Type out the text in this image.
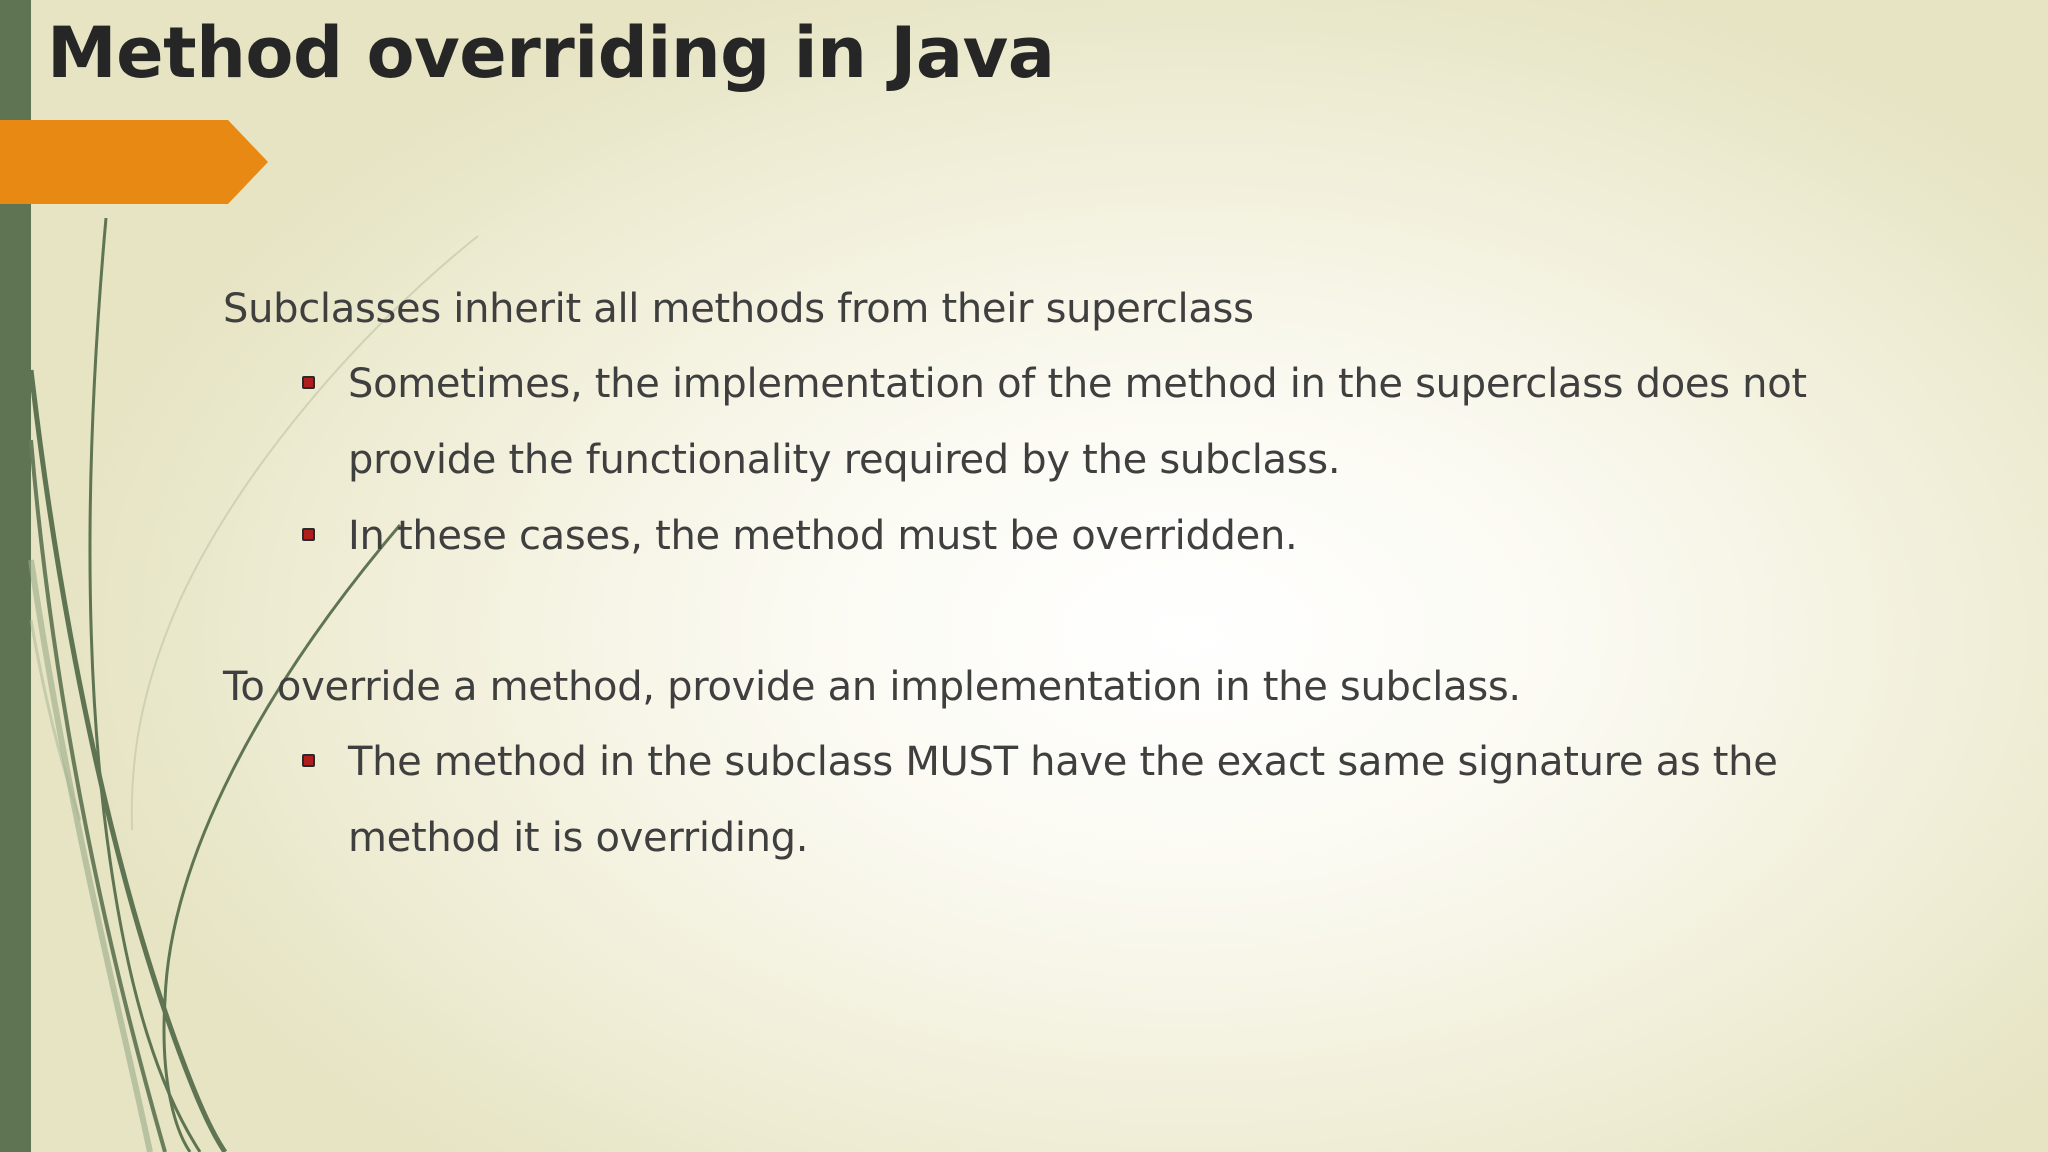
Method overriding in Java

Subclasses inherit all methods from their superclass

Sometimes, the implementation of the method in the superclass does not provide the functionality required by the subclass.
In these cases, the method must be overridden.

To override a method, provide an implementation in the subclass.

The method in the subclass MUST have the exact same signature as the method it is overriding.
